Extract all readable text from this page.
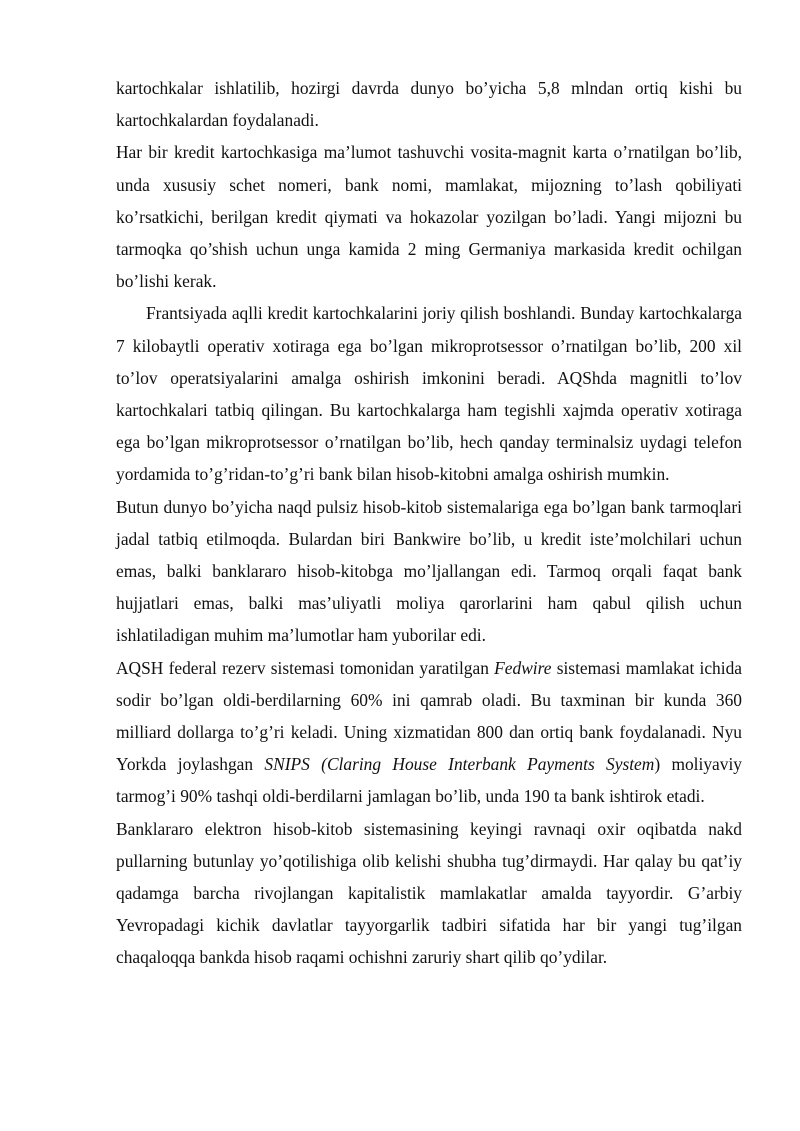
kartochkalar ishlatilib, hozirgi davrda dunyo bo’yicha 5,8 mlndan ortiq kishi bu kartochkalardan foydalanadi.

Har bir kredit kartochkasiga ma’lumot tashuvchi vosita-magnit karta o’rnatilgan bo’lib, unda xususiy schet nomeri, bank nomi, mamlakat, mijozning to’lash qobiliyati ko’rsatkichi, berilgan kredit qiymati va hokazolar yozilgan bo’ladi. Yangi mijozni bu tarmoqka qo’shish uchun unga kamida 2 ming Germaniya markasida kredit ochilgan bo’lishi kerak.

Frantsiyada aqlli kredit kartochkalarini joriy qilish boshlandi. Bunday kartochkalarga 7 kilobaytli operativ xotiraga ega bo’lgan mikroprotsessor o’rnatilgan bo’lib, 200 xil to’lov operatsiyalarini amalga oshirish imkonini beradi. AQShda magnitli to’lov kartochkalari tatbiq qilingan. Bu kartochkalarga ham tegishli xajmda operativ xotiraga ega bo’lgan mikroprotsessor o’rnatilgan bo’lib, hech qanday terminalsiz uydagi telefon yordamida to’g’ridan-to’g’ri bank bilan hisob-kitobni amalga oshirish mumkin.

Butun dunyo bo’yicha naqd pulsiz hisob-kitob sistemalariga ega bo’lgan bank tarmoqlari jadal tatbiq etilmoqda. Bulardan biri Bankwire bo’lib, u kredit iste’molchilari uchun emas, balki banklararo hisob-kitobga mo’ljallangan edi. Tarmoq orqali faqat bank hujjatlari emas, balki mas’uliyatli moliya qarorlarini ham qabul qilish uchun ishlatiladigan muhim ma’lumotlar ham yuborilar edi.

AQSH federal rezerv sistemasi tomonidan yaratilgan Fedwire sistemasi mamlakat ichida sodir bo’lgan oldi-berdilarning 60% ini qamrab oladi. Bu taxminan bir kunda 360 milliard dollarga to’g’ri keladi. Uning xizmatidan 800 dan ortiq bank foydalanadi. Nyu Yorkda joylashgan SNIPS (Claring House Interbank Payments System) moliyaviy tarmog’i 90% tashqi oldi-berdilarni jamlagan bo’lib, unda 190 ta bank ishtirok etadi.

Banklararo elektron hisob-kitob sistemasining keyingi ravnaqi oxir oqibatda nakd pullarning butunlay yo’qotilishiga olib kelishi shubha tug’dirmaydi. Har qalay bu qat’iy qadamga barcha rivojlangan kapitalistik mamlakatlar amalda tayyordir. G’arbiy Yevropadagi kichik davlatlar tayyorgarlik tadbiri sifatida har bir yangi tug’ilgan chaqaloqqa bankda hisob raqami ochishni zaruriy shart qilib qo’ydilar.
